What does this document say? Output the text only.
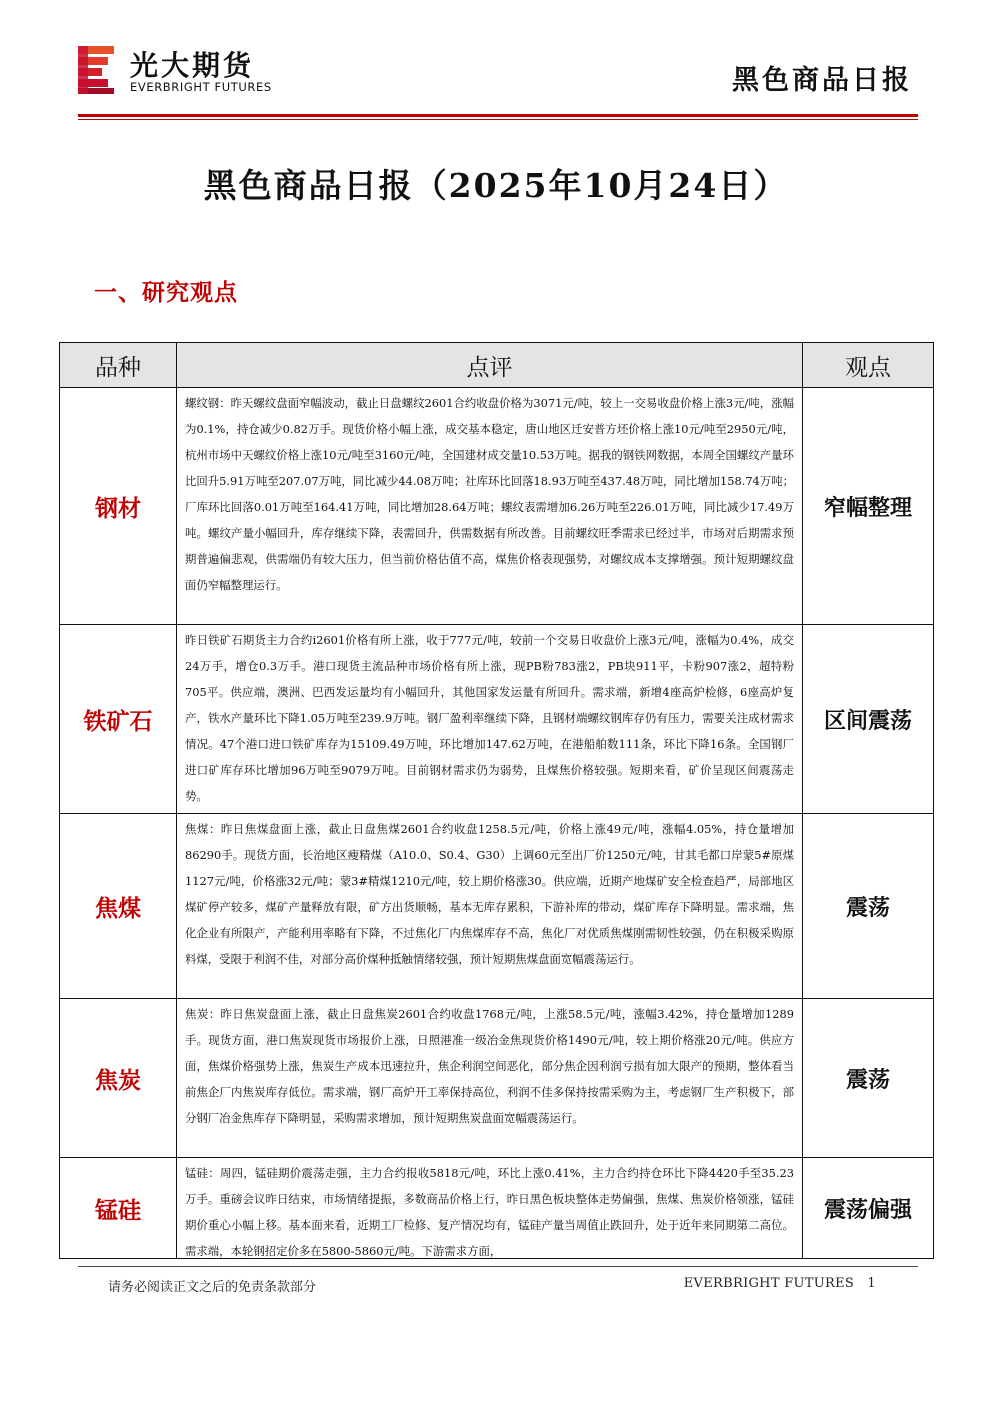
光大期货
EVERBRIGHT FUTURES	黑色商品日报
黑色商品日报（2025年10月24日）
一、研究观点
品种	点评	观点
钢材	螺纹钢：昨天螺纹盘面窄幅波动，截止日盘螺纹2601合约收盘价格为3071元/吨，较上一交易收盘价格上涨3元/吨，涨幅为0.1%，持仓减少0.82万手。现货价格小幅上涨，成交基本稳定，唐山地区迁安普方坯价格上涨10元/吨至2950元/吨，杭州市场中天螺纹价格上涨10元/吨至3160元/吨，全国建材成交量10.53万吨。据我的钢铁网数据，本周全国螺纹产量环比回升5.91万吨至207.07万吨，同比减少44.08万吨；社库环比回落18.93万吨至437.48万吨，同比增加158.74万吨；厂库环比回落0.01万吨至164.41万吨，同比增加28.64万吨；螺纹表需增加6.26万吨至226.01万吨，同比减少17.49万吨。螺纹产量小幅回升，库存继续下降，表需回升，供需数据有所改善。目前螺纹旺季需求已经过半，市场对后期需求预期普遍偏悲观，供需端仍有较大压力，但当前价格估值不高，煤焦价格表现强势，对螺纹成本支撑增强。预计短期螺纹盘面仍窄幅整理运行。	窄幅整理
铁矿石	昨日铁矿石期货主力合约i2601价格有所上涨，收于777元/吨，较前一个交易日收盘价上涨3元/吨，涨幅为0.4%，成交24万手，增仓0.3万手。港口现货主流品种市场价格有所上涨，现PB粉783涨2，PB块911平，卡粉907涨2，超特粉705平。供应端，澳洲、巴西发运量均有小幅回升，其他国家发运量有所回升。需求端，新增4座高炉检修，6座高炉复产，铁水产量环比下降1.05万吨至239.9万吨。钢厂盈利率继续下降，且钢材端螺纹钢库存仍有压力，需要关注成材需求情况。47个港口进口铁矿库存为15109.49万吨，环比增加147.62万吨，在港船舶数111条，环比下降16条。全国钢厂进口矿库存环比增加96万吨至9079万吨。目前钢材需求仍为弱势，且煤焦价格较强。短期来看，矿价呈现区间震荡走势。	区间震荡
焦煤	焦煤：昨日焦煤盘面上涨，截止日盘焦煤2601合约收盘1258.5元/吨，价格上涨49元/吨，涨幅4.05%，持仓量增加86290手。现货方面，长治地区瘦精煤（A10.0、S0.4、G30）上调60元至出厂价1250元/吨，甘其毛都口岸蒙5#原煤1127元/吨，价格涨32元/吨；蒙3#精煤1210元/吨，较上期价格涨30。供应端，近期产地煤矿安全检查趋严，局部地区煤矿停产较多，煤矿产量释放有限，矿方出货顺畅，基本无库存累积，下游补库的带动，煤矿库存下降明显。需求端，焦化企业有所限产，产能利用率略有下降，不过焦化厂内焦煤库存不高，焦化厂对优质焦煤刚需韧性较强，仍在积极采购原料煤，受限于利润不佳，对部分高价煤种抵触情绪较强，预计短期焦煤盘面宽幅震荡运行。	震荡
焦炭	焦炭：昨日焦炭盘面上涨，截止日盘焦炭2601合约收盘1768元/吨，上涨58.5元/吨，涨幅3.42%，持仓量增加1289手。现货方面，港口焦炭现货市场报价上涨，日照港准一级冶金焦现货价格1490元/吨，较上期价格涨20元/吨。供应方面，焦煤价格强势上涨，焦炭生产成本迅速拉升，焦企利润空间恶化，部分焦企因利润亏损有加大限产的预期，整体看当前焦企厂内焦炭库存低位。需求端，钢厂高炉开工率保持高位，利润不佳多保持按需采购为主，考虑钢厂生产积极下，部分钢厂冶金焦库存下降明显，采购需求增加，预计短期焦炭盘面宽幅震荡运行。	震荡
锰硅	锰硅：周四，锰硅期价震荡走强，主力合约报收5818元/吨，环比上涨0.41%，主力合约持仓环比下降4420手至35.23万手。重磅会议昨日结束，市场情绪提振，多数商品价格上行，昨日黑色板块整体走势偏强，焦煤、焦炭价格领涨，锰硅期价重心小幅上移。基本面来看，近期工厂检修、复产情况均有，锰硅产量当周值止跌回升，处于近年来同期第二高位。需求端，本轮钢招定价多在5800-5860元/吨。下游需求方面，	震荡偏强
请务必阅读正文之后的免责条款部分	EVERBRIGHT FUTURES 1
